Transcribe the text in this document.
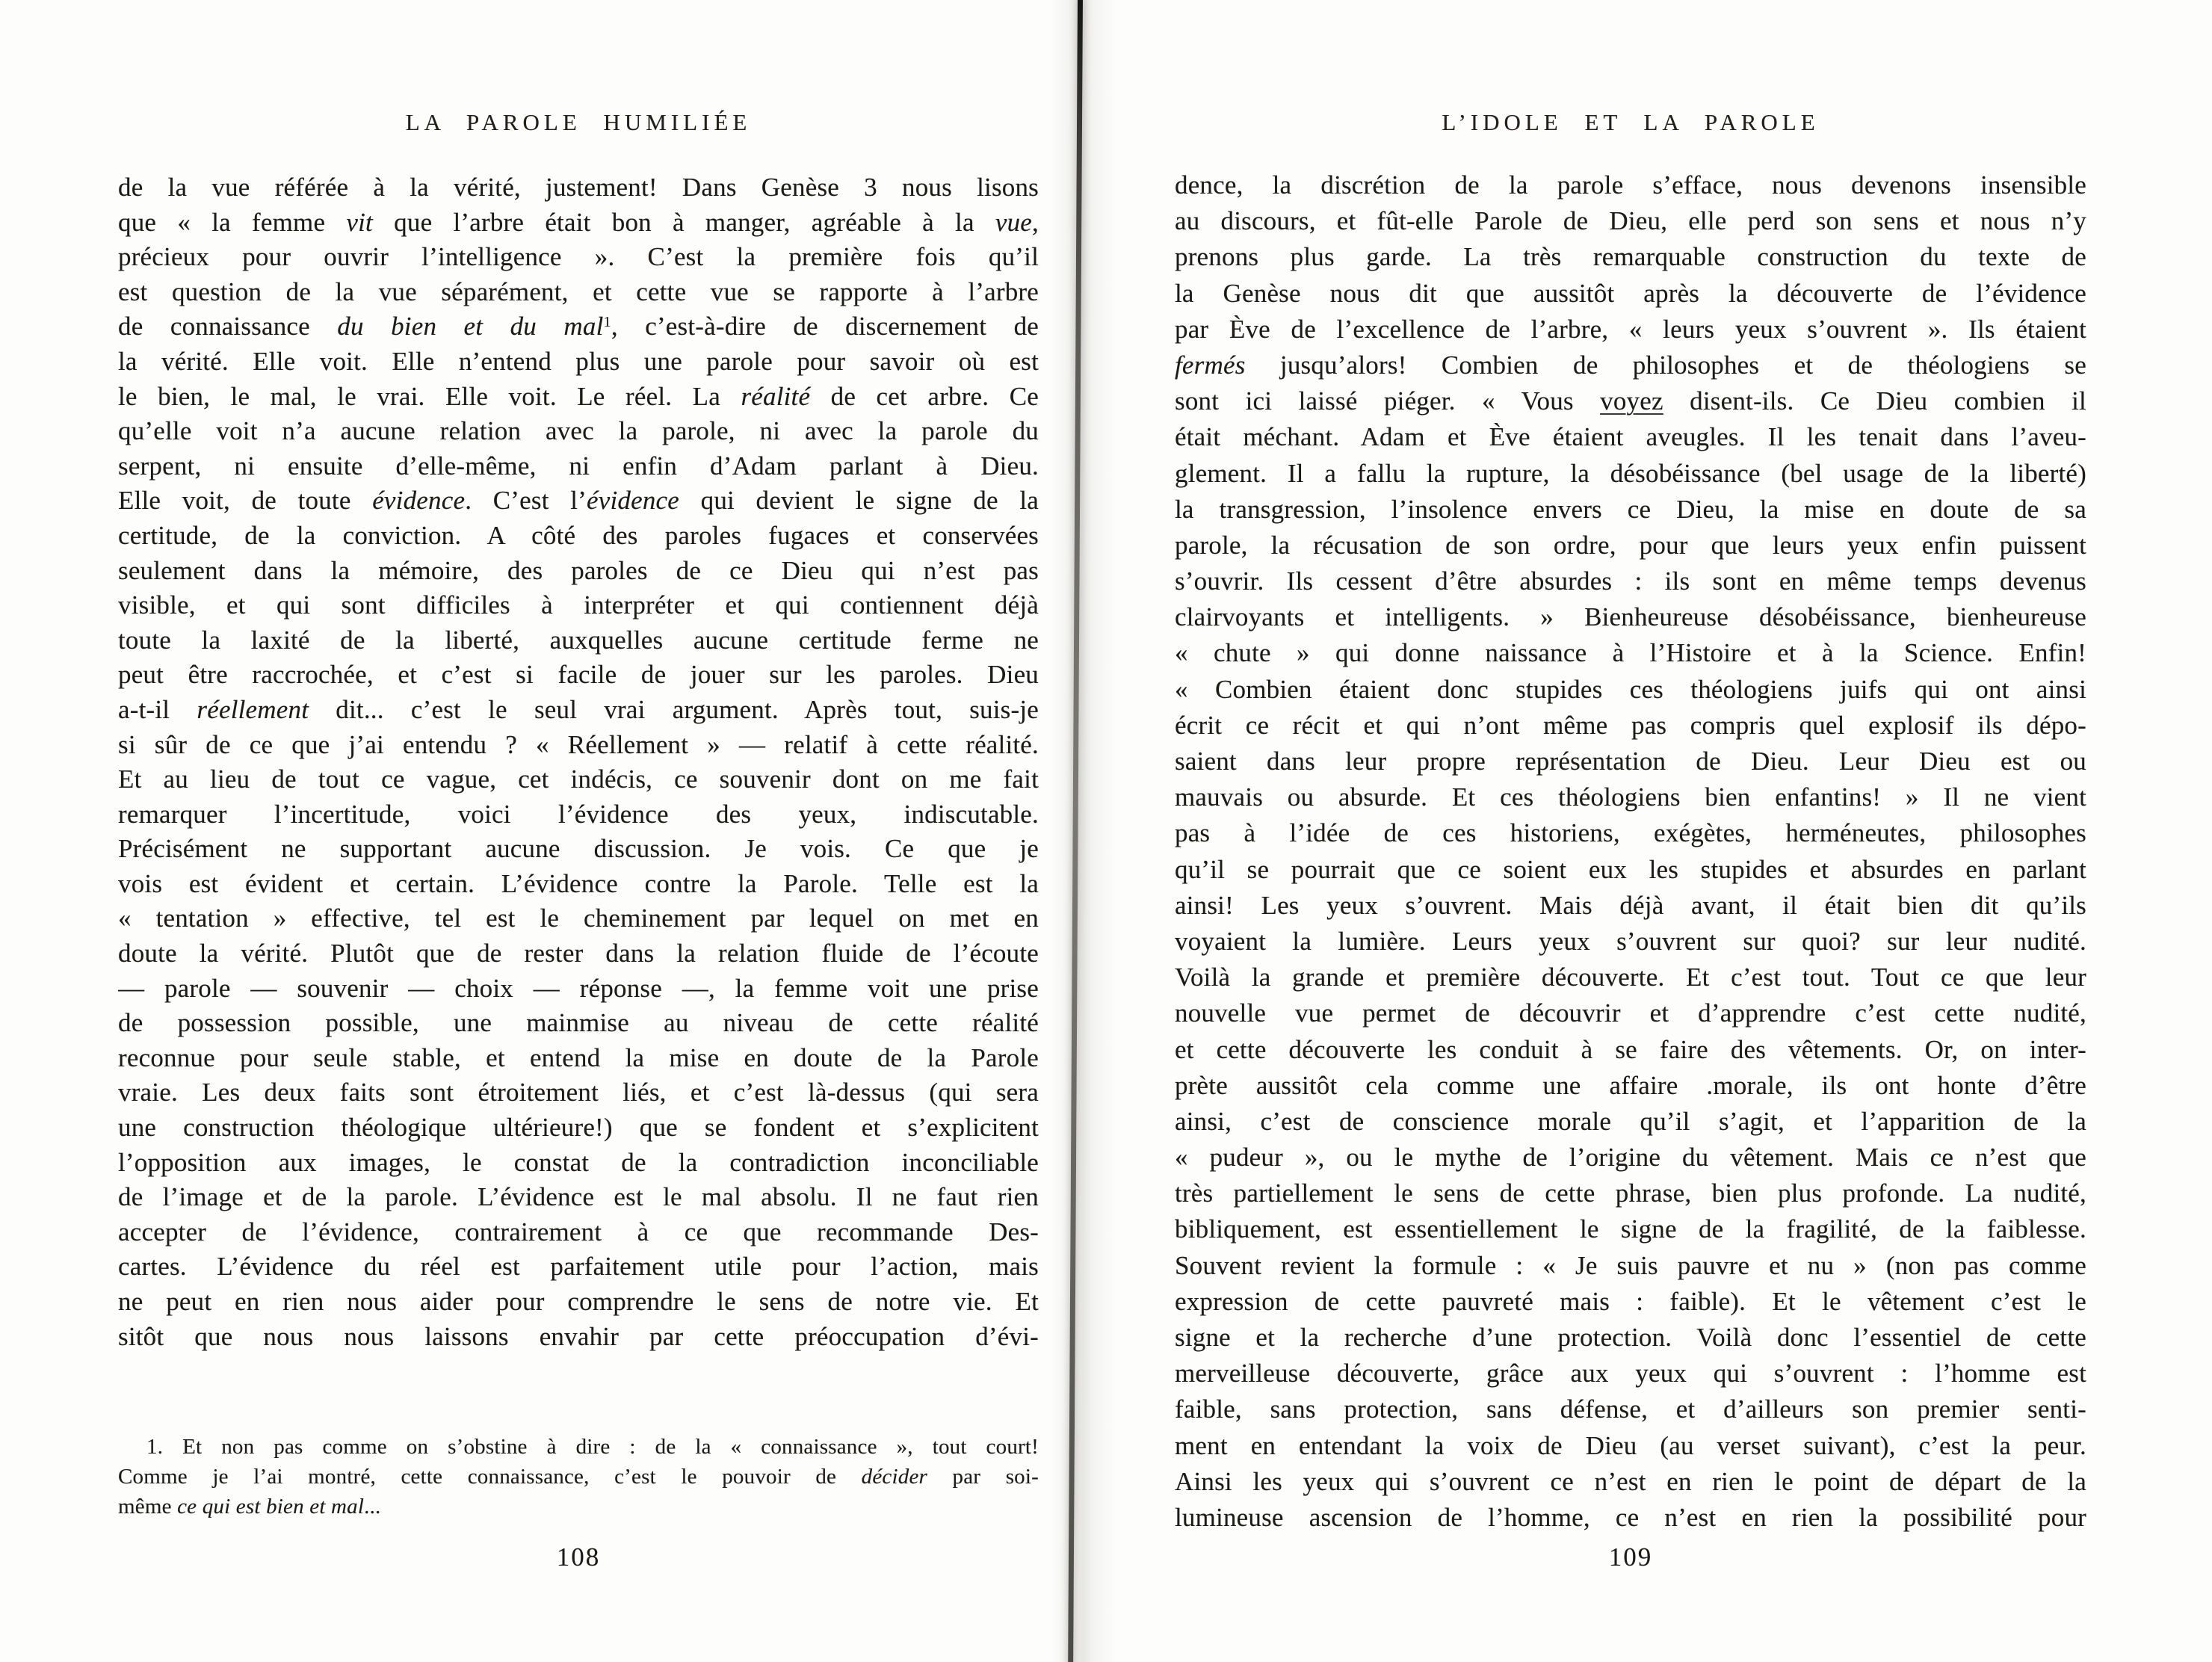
LA PAROLE HUMILIÉE
de la vue référée à la vérité, justement! Dans Genèse 3 nous lisons
que « la femme vit que l’arbre était bon à manger, agréable à la vue,
précieux pour ouvrir l’intelligence ». C’est la première fois qu’il
est question de la vue séparément, et cette vue se rapporte à l’arbre
de connaissance du bien et du mal$^1$, c’est-à-dire de discernement de
la vérité. Elle voit. Elle n’entend plus une parole pour savoir où est
le bien, le mal, le vrai. Elle voit. Le réel. La réalité de cet arbre. Ce
qu’elle voit n’a aucune relation avec la parole, ni avec la parole du
serpent, ni ensuite d’elle-même, ni enfin d’Adam parlant à Dieu.
Elle voit, de toute évidence. C’est l’évidence qui devient le signe de la
certitude, de la conviction. A côté des paroles fugaces et conservées
seulement dans la mémoire, des paroles de ce Dieu qui n’est pas
visible, et qui sont difficiles à interpréter et qui contiennent déjà
toute la laxité de la liberté, auxquelles aucune certitude ferme ne
peut être raccrochée, et c’est si facile de jouer sur les paroles. Dieu
a-t-il réellement dit... c’est le seul vrai argument. Après tout, suis-je
si sûr de ce que j’ai entendu ? « Réellement » — relatif à cette réalité.
Et au lieu de tout ce vague, cet indécis, ce souvenir dont on me fait
remarquer l’incertitude, voici l’évidence des yeux, indiscutable.
Précisément ne supportant aucune discussion. Je vois. Ce que je
vois est évident et certain. L’évidence contre la Parole. Telle est la
« tentation » effective, tel est le cheminement par lequel on met en
doute la vérité. Plutôt que de rester dans la relation fluide de l’écoute
— parole — souvenir — choix — réponse —, la femme voit une prise
de possession possible, une mainmise au niveau de cette réalité
reconnue pour seule stable, et entend la mise en doute de la Parole
vraie. Les deux faits sont étroitement liés, et c’est là-dessus (qui sera
une construction théologique ultérieure!) que se fondent et s’explicitent
l’opposition aux images, le constat de la contradiction inconciliable
de l’image et de la parole. L’évidence est le mal absolu. Il ne faut rien
accepter de l’évidence, contrairement à ce que recommande Des-
cartes. L’évidence du réel est parfaitement utile pour l’action, mais
ne peut en rien nous aider pour comprendre le sens de notre vie. Et
sitôt que nous nous laissons envahir par cette préoccupation d’évi-
1. Et non pas comme on s’obstine à dire : de la « connaissance », tout court!
Comme je l’ai montré, cette connaissance, c’est le pouvoir de décider par soi-
même ce qui est bien et mal...
108
L’IDOLE ET LA PAROLE
dence, la discrétion de la parole s’efface, nous devenons insensible
au discours, et fût-elle Parole de Dieu, elle perd son sens et nous n’y
prenons plus garde. La très remarquable construction du texte de
la Genèse nous dit que aussitôt après la découverte de l’évidence
par Ève de l’excellence de l’arbre, « leurs yeux s’ouvrent ». Ils étaient
fermés jusqu’alors! Combien de philosophes et de théologiens se
sont ici laissé piéger. « Vous voyez disent-ils. Ce Dieu combien il
était méchant. Adam et Ève étaient aveugles. Il les tenait dans l’aveu-
glement. Il a fallu la rupture, la désobéissance (bel usage de la liberté)
la transgression, l’insolence envers ce Dieu, la mise en doute de sa
parole, la récusation de son ordre, pour que leurs yeux enfin puissent
s’ouvrir. Ils cessent d’être absurdes : ils sont en même temps devenus
clairvoyants et intelligents. » Bienheureuse désobéissance, bienheureuse
« chute » qui donne naissance à l’Histoire et à la Science. Enfin!
« Combien étaient donc stupides ces théologiens juifs qui ont ainsi
écrit ce récit et qui n’ont même pas compris quel explosif ils dépo-
saient dans leur propre représentation de Dieu. Leur Dieu est ou
mauvais ou absurde. Et ces théologiens bien enfantins! » Il ne vient
pas à l’idée de ces historiens, exégètes, herméneutes, philosophes
qu’il se pourrait que ce soient eux les stupides et absurdes en parlant
ainsi! Les yeux s’ouvrent. Mais déjà avant, il était bien dit qu’ils
voyaient la lumière. Leurs yeux s’ouvrent sur quoi? sur leur nudité.
Voilà la grande et première découverte. Et c’est tout. Tout ce que leur
nouvelle vue permet de découvrir et d’apprendre c’est cette nudité,
et cette découverte les conduit à se faire des vêtements. Or, on inter-
prète aussitôt cela comme une affaire .morale, ils ont honte d’être
ainsi, c’est de conscience morale qu’il s’agit, et l’apparition de la
« pudeur », ou le mythe de l’origine du vêtement. Mais ce n’est que
très partiellement le sens de cette phrase, bien plus profonde. La nudité,
bibliquement, est essentiellement le signe de la fragilité, de la faiblesse.
Souvent revient la formule : « Je suis pauvre et nu » (non pas comme
expression de cette pauvreté mais : faible). Et le vêtement c’est le
signe et la recherche d’une protection. Voilà donc l’essentiel de cette
merveilleuse découverte, grâce aux yeux qui s’ouvrent : l’homme est
faible, sans protection, sans défense, et d’ailleurs son premier senti-
ment en entendant la voix de Dieu (au verset suivant), c’est la peur.
Ainsi les yeux qui s’ouvrent ce n’est en rien le point de départ de la
lumineuse ascension de l’homme, ce n’est en rien la possibilité pour
109
